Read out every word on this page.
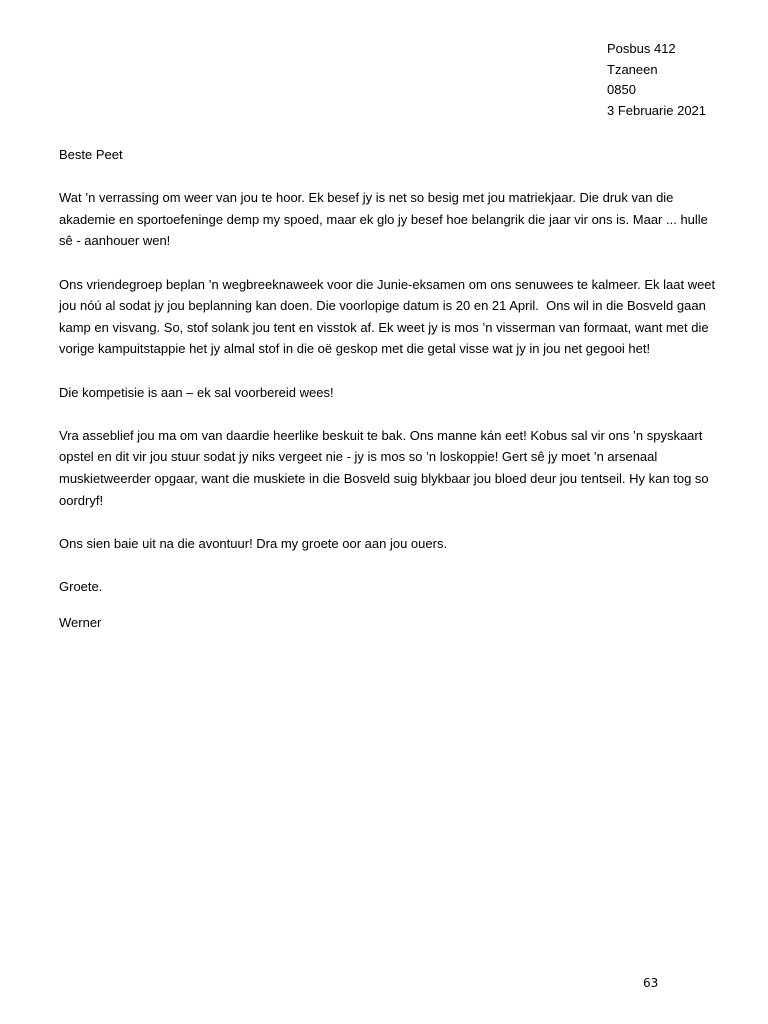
Posbus 412
Tzaneen
0850
3 Februarie 2021
Beste Peet
Wat ’n verrassing om weer van jou te hoor. Ek besef jy is net so besig met jou matriekjaar. Die druk van die
akademie en sportoefeninge demp my spoed, maar ek glo jy besef hoe belangrik die jaar vir ons is. Maar ... hulle
sê - aanhouer wen!
Ons vriendegroep beplan ’n wegbreeknaweek voor die Junie-eksamen om ons senuwees te kalmeer. Ek laat weet
jou nóú al sodat jy jou beplanning kan doen. Die voorlopige datum is 20 en 21 April.  Ons wil in die Bosveld gaan
kamp en visvang. So, stof solank jou tent en visstok af. Ek weet jy is mos ’n visserman van formaat, want met die
vorige kampuitstappie het jy almal stof in die oë geskop met die getal visse wat jy in jou net gegooi het!
Die kompetisie is aan – ek sal voorbereid wees!
Vra asseblief jou ma om van daardie heerlike beskuit te bak. Ons manne kán eet! Kobus sal vir ons ’n spyskaart
opstel en dit vir jou stuur sodat jy niks vergeet nie - jy is mos so ’n loskoppie! Gert sê jy moet ’n arsenaal
muskietweerder opgaar, want die muskiete in die Bosveld suig blykbaar jou bloed deur jou tentseil. Hy kan tog so
oordryf!
Ons sien baie uit na die avontuur! Dra my groete oor aan jou ouers.
Groete.
Werner
63
